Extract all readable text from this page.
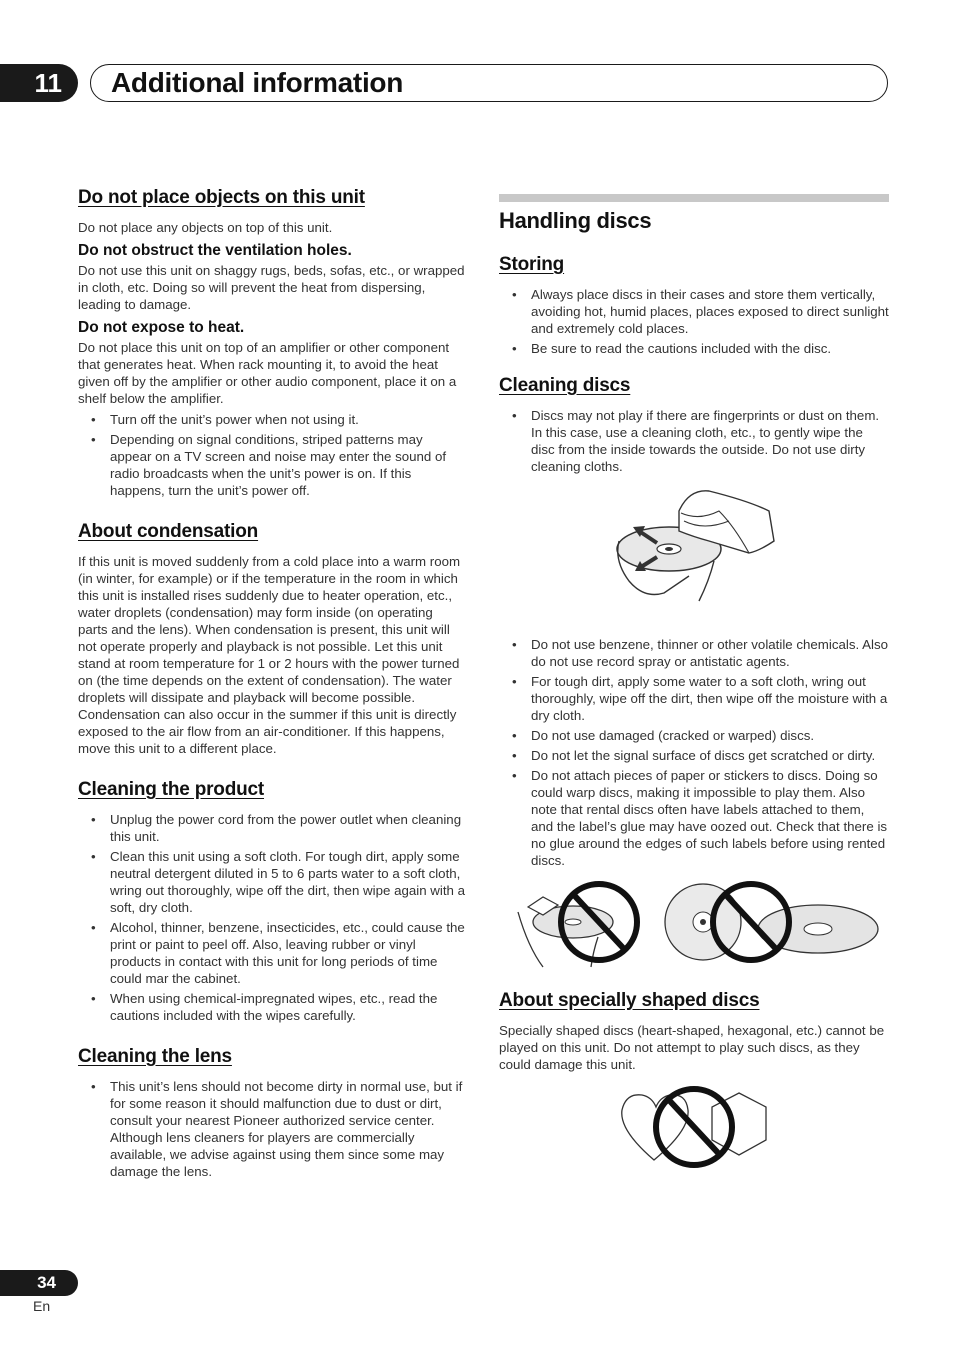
11	Additional information
Do not place objects on this unit
Do not place any objects on top of this unit.
Do not obstruct the ventilation holes.
Do not use this unit on shaggy rugs, beds, sofas, etc., or wrapped in cloth, etc. Doing so will prevent the heat from dispersing, leading to damage.
Do not expose to heat.
Do not place this unit on top of an amplifier or other component that generates heat. When rack mounting it, to avoid the heat given off by the amplifier or other audio component, place it on a shelf below the amplifier.
• Turn off the unit’s power when not using it.
• Depending on signal conditions, striped patterns may appear on a TV screen and noise may enter the sound of radio broadcasts when the unit’s power is on. If this happens, turn the unit’s power off.
About condensation
If this unit is moved suddenly from a cold place into a warm room (in winter, for example) or if the temperature in the room in which this unit is installed rises suddenly due to heater operation, etc., water droplets (condensation) may form inside (on operating parts and the lens). When condensation is present, this unit will not operate properly and playback is not possible. Let this unit stand at room temperature for 1 or 2 hours with the power turned on (the time depends on the extent of condensation). The water droplets will dissipate and playback will become possible. Condensation can also occur in the summer if this unit is directly exposed to the air flow from an air-conditioner. If this happens, move this unit to a different place.
Cleaning the product
• Unplug the power cord from the power outlet when cleaning this unit.
• Clean this unit using a soft cloth. For tough dirt, apply some neutral detergent diluted in 5 to 6 parts water to a soft cloth, wring out thoroughly, wipe off the dirt, then wipe again with a soft, dry cloth.
• Alcohol, thinner, benzene, insecticides, etc., could cause the print or paint to peel off. Also, leaving rubber or vinyl products in contact with this unit for long periods of time could mar the cabinet.
• When using chemical-impregnated wipes, etc., read the cautions included with the wipes carefully.
Cleaning the lens
• This unit’s lens should not become dirty in normal use, but if for some reason it should malfunction due to dust or dirt, consult your nearest Pioneer authorized service center. Although lens cleaners for players are commercially available, we advise against using them since some may damage the lens.
Handling discs
Storing
• Always place discs in their cases and store them vertically, avoiding hot, humid places, places exposed to direct sunlight and extremely cold places.
• Be sure to read the cautions included with the disc.
Cleaning discs
• Discs may not play if there are fingerprints or dust on them. In this case, use a cleaning cloth, etc., to gently wipe the disc from the inside towards the outside. Do not use dirty cleaning cloths.
• Do not use benzene, thinner or other volatile chemicals. Also do not use record spray or antistatic agents.
• For tough dirt, apply some water to a soft cloth, wring out thoroughly, wipe off the dirt, then wipe off the moisture with a dry cloth.
• Do not use damaged (cracked or warped) discs.
• Do not let the signal surface of discs get scratched or dirty.
• Do not attach pieces of paper or stickers to discs. Doing so could warp discs, making it impossible to play them. Also note that rental discs often have labels attached to them, and the label’s glue may have oozed out. Check that there is no glue around the edges of such labels before using rented discs.
About specially shaped discs
Specially shaped discs (heart-shaped, hexagonal, etc.) cannot be played on this unit. Do not attempt to play such discs, as they could damage this unit.
34
En
